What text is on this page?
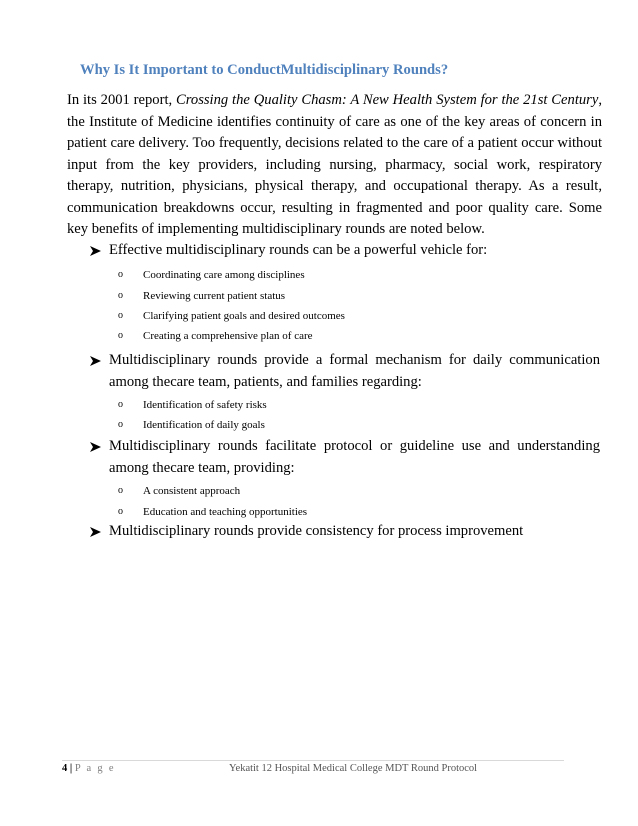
Why Is It Important to ConductMultidisciplinary Rounds?
In its 2001 report, Crossing the Quality Chasm: A New Health System for the 21st Century, the Institute of Medicine identifies continuity of care as one of the key areas of concern in patient care delivery. Too frequently, decisions related to the care of a patient occur without input from the key providers, including nursing, pharmacy, social work, respiratory therapy, nutrition, physicians, physical therapy, and occupational therapy. As a result, communication breakdowns occur, resulting in fragmented and poor quality care. Some key benefits of implementing multidisciplinary rounds are noted below.
Effective multidisciplinary rounds can be a powerful vehicle for:
o Coordinating care among disciplines
o Reviewing current patient status
o Clarifying patient goals and desired outcomes
o Creating a comprehensive plan of care
Multidisciplinary rounds provide a formal mechanism for daily communication among thecare team, patients, and families regarding:
o Identification of safety risks
o Identification of daily goals
Multidisciplinary rounds facilitate protocol or guideline use and understanding among thecare team, providing:
o A consistent approach
o Education and teaching opportunities
Multidisciplinary rounds provide consistency for process improvement
4 | P a g e	Yekatit 12 Hospital Medical College MDT Round Protocol
